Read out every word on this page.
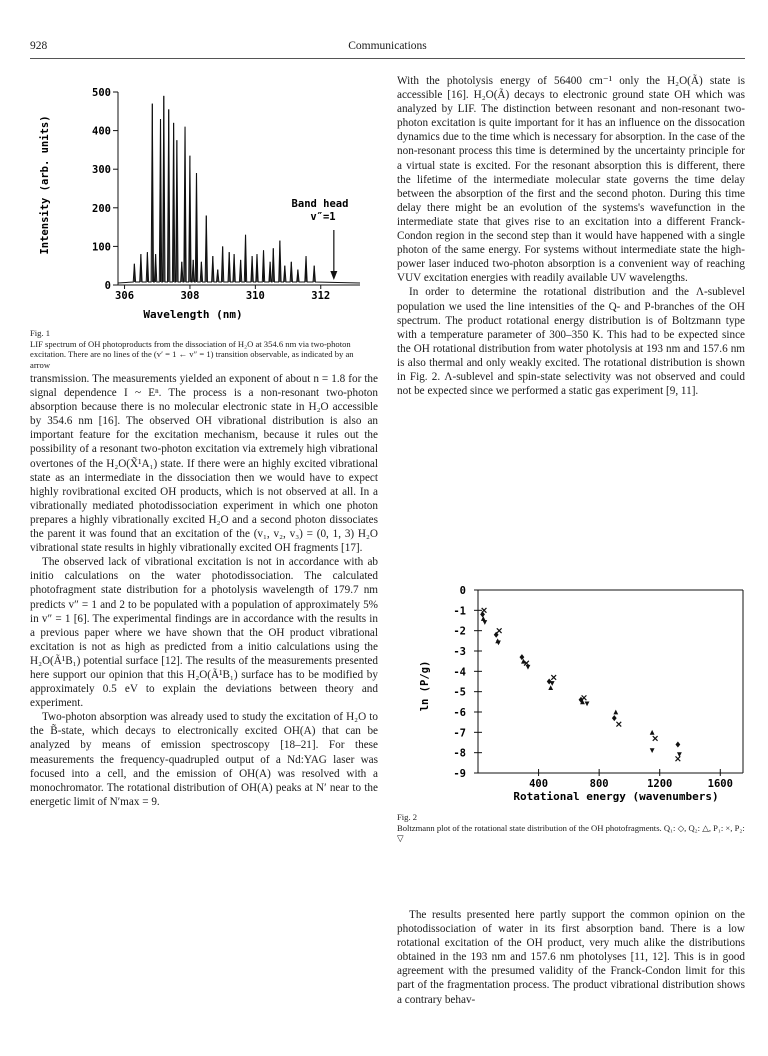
928	Communications
0
100
200
300
400
500
306	308	310	312
Wavelength (nm)
Intensity (arb. units)	Band head
v″=1
Fig. 1
LIF spectrum of OH photoproducts from the dissociation of H₂O at 354.6 nm via two-photon excitation. There are no lines of the (v′ = 1 ← v″ = 1) transition observable, as indicated by an arrow

With the photolysis energy of 56400 cm⁻¹ only the H₂O(Ã) state is accessible [16]. H₂O(Ã) decays to electronic ground state OH which was analyzed by LIF. The distinction between resonant and non-resonant two-photon excitation is quite important for it has an influence on the dissocation dynamics due to the time which is necessary for absorption. In the case of the non-resonant process this time is determined by the uncertainty principle for a virtual state is excited. For the resonant absorption this is different, there the lifetime of the intermediate molecular state governs the time delay between the absorption of the first and the second photon. During this time delay there might be an evolution of the systems's wavefunction in the intermediate state that gives rise to an excitation into a different Franck-Condon region in the second step than it would have happened with a single photon of the same energy. For systems without intermediate state the high-power laser induced two-photon absorption is a convenient way of reaching VUV excitation energies with readily available UV wavelengths.

In order to determine the rotational distribution and the Λ-sublevel population we used the line intensities of the Q- and P-branches of the OH spectrum. The product rotational energy distribution is of Boltzmann type with a temperature parameter of 300–350 K. This had to be expected since the OH rotational distribution from water photolysis at 193 nm and 157.6 nm is also thermal and only weakly excited. The rotational distribution is shown in Fig. 2. Λ-sublevel and spin-state selectivity was not observed and could not be expected since we performed a static gas experiment [9, 11].

0
-1
-2
-3
-4
-5
-6
-7
-8
-9
400	800	1200	1600
Rotational energy (wavenumbers)
ln (P/g)
Fig. 2
Boltzmann plot of the rotational state distribution of the OH photofragments. Q₁: ◇, Q₂: △, P₁: ×, P₂: ▽

transmission. The measurements yielded an exponent of about n = 1.8 for the signal dependence I ~ Eⁿ. The process is a non-resonant two-photon absorption because there is no molecular electronic state in H₂O accessible by 354.6 nm [16]. The observed OH vibrational distribution is also an important feature for the excitation mechanism, because it rules out the possibility of a resonant two-photon excitation via extremely high vibrational overtones of the H₂O(X̃¹A₁) state. If there were an highly excited vibrational state as an intermediate in the dissociation then we would have to expect highly rovibrational excited OH products, which is not observed at all. In a vibrationally mediated photodissociation experiment in which one photon prepares a highly vibrationally excited H₂O and a second photon dissociates the parent it was found that an excitation of the (v₁, v₂, v₃) = (0, 1, 3) H₂O vibrational state results in highly vibrationally excited OH fragments [17].

The observed lack of vibrational excitation is not in accordance with ab initio calculations on the water photodissociation. The calculated photofragment state distribution for a photolysis wavelength of 179.7 nm predicts v″ = 1 and 2 to be populated with a population of approximately 5% in v″ = 1 [6]. The experimental findings are in accordance with the results in a previous paper where we have shown that the OH product vibrational excitation is not as high as predicted from a initio calculations using the H₂O(Ã¹B₁) potential surface [12]. The results of the measurements presented here support our opinion that this H₂O(Ã¹B₁) surface has to be modified by approximately 0.5 eV to explain the deviations between theory and experiment.

Two-photon absorption was already used to study the excitation of H₂O to the B̃-state, which decays to electronically excited OH(A) that can be analyzed by means of emission spectroscopy [18–21]. For these measurements the frequency-quadrupled output of a Nd:YAG laser was focused into a cell, and the emission of OH(A) was resolved with a monochromator. The rotational distribution of OH(A) peaks at N′ near to the energetic limit of N′max = 9.

The results presented here partly support the common opinion on the photodissociation of water in its first absorption band. There is a low rotational excitation of the OH product, very much alike the distributions obtained in the 193 nm and 157.6 nm photolyses [11, 12]. This is in good agreement with the presumed validity of the Franck-Condon limit for this part of the fragmentation process. The product vibrational distribution shows a contrary behav-
